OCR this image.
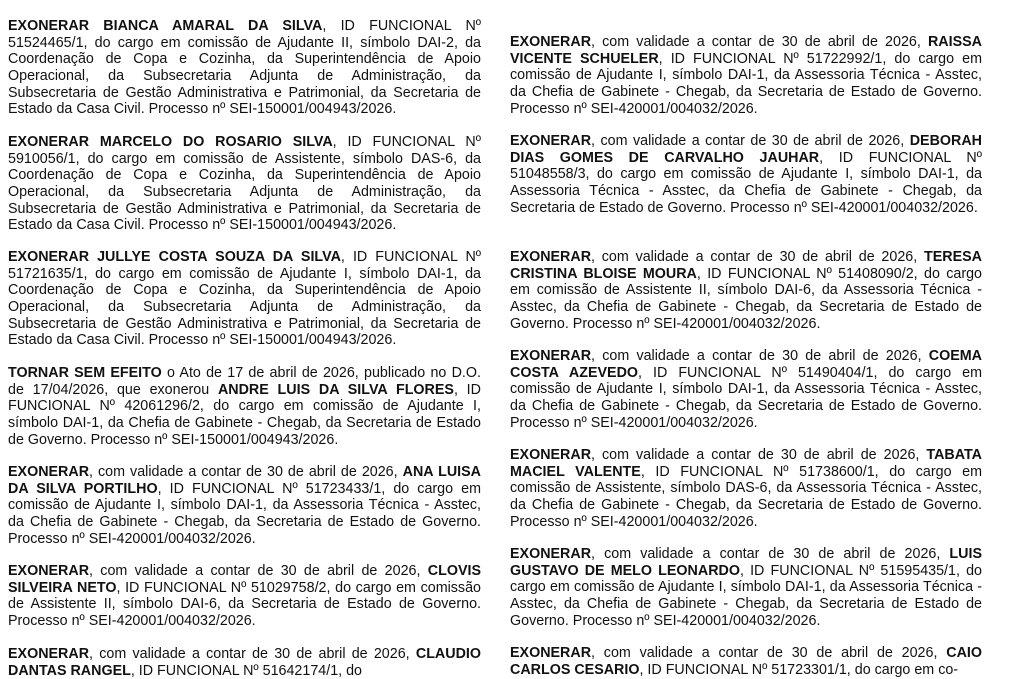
EXONERAR BIANCA AMARAL DA SILVA, ID FUNCIONAL Nº 51524465/1, do cargo em comissão de Ajudante II, símbolo DAI-2, da Coordenação de Copa e Cozinha, da Superintendência de Apoio Operacional, da Subsecretaria Adjunta de Administração, da Subsecretaria de Gestão Administrativa e Patrimonial, da Secretaria de Estado da Casa Civil. Processo nº SEI-150001/004943/2026.

EXONERAR MARCELO DO ROSARIO SILVA, ID FUNCIONAL Nº 5910056/1, do cargo em comissão de Assistente, símbolo DAS-6, da Coordenação de Copa e Cozinha, da Superintendência de Apoio Operacional, da Subsecretaria Adjunta de Administração, da Subsecretaria de Gestão Administrativa e Patrimonial, da Secretaria de Estado da Casa Civil. Processo nº SEI-150001/004943/2026.

EXONERAR JULLYE COSTA SOUZA DA SILVA, ID FUNCIONAL Nº 51721635/1, do cargo em comissão de Ajudante I, símbolo DAI-1, da Coordenação de Copa e Cozinha, da Superintendência de Apoio Operacional, da Subsecretaria Adjunta de Administração, da Subsecretaria de Gestão Administrativa e Patrimonial, da Secretaria de Estado da Casa Civil. Processo nº SEI-150001/004943/2026.

TORNAR SEM EFEITO o Ato de 17 de abril de 2026, publicado no D.O. de 17/04/2026, que exonerou ANDRE LUIS DA SILVA FLORES, ID FUNCIONAL Nº 42061296/2, do cargo em comissão de Ajudante I, símbolo DAI-1, da Chefia de Gabinete - Chegab, da Secretaria de Estado de Governo. Processo nº SEI-150001/004943/2026.

EXONERAR, com validade a contar de 30 de abril de 2026, ANA LUISA DA SILVA PORTILHO, ID FUNCIONAL Nº 51723433/1, do cargo em comissão de Ajudante I, símbolo DAI-1, da Assessoria Técnica - Asstec, da Chefia de Gabinete - Chegab, da Secretaria de Estado de Governo. Processo nº SEI-420001/004032/2026.

EXONERAR, com validade a contar de 30 de abril de 2026, CLOVIS SILVEIRA NETO, ID FUNCIONAL Nº 51029758/2, do cargo em comissão de Assistente II, símbolo DAI-6, da Secretaria de Estado de Governo. Processo nº SEI-420001/004032/2026.

EXONERAR, com validade a contar de 30 de abril de 2026, CLAUDIO DANTAS RANGEL, ID FUNCIONAL Nº 51642174/1, do

EXONERAR, com validade a contar de 30 de abril de 2026, RAISSA VICENTE SCHUELER, ID FUNCIONAL Nº 51722992/1, do cargo em comissão de Ajudante I, símbolo DAI-1, da Assessoria Técnica - Asstec, da Chefia de Gabinete - Chegab, da Secretaria de Estado de Governo. Processo nº SEI-420001/004032/2026.

EXONERAR, com validade a contar de 30 de abril de 2026, DEBORAH DIAS GOMES DE CARVALHO JAUHAR, ID FUNCIONAL Nº 51048558/3, do cargo em comissão de Ajudante I, símbolo DAI-1, da Assessoria Técnica - Asstec, da Chefia de Gabinete - Chegab, da Secretaria de Estado de Governo. Processo nº SEI-420001/004032/2026.

EXONERAR, com validade a contar de 30 de abril de 2026, TERESA CRISTINA BLOISE MOURA, ID FUNCIONAL Nº 51408090/2, do cargo em comissão de Assistente II, símbolo DAI-6, da Assessoria Técnica - Asstec, da Chefia de Gabinete - Chegab, da Secretaria de Estado de Governo. Processo nº SEI-420001/004032/2026.

EXONERAR, com validade a contar de 30 de abril de 2026, COEMA COSTA AZEVEDO, ID FUNCIONAL Nº 51490404/1, do cargo em comissão de Ajudante I, símbolo DAI-1, da Assessoria Técnica - Asstec, da Chefia de Gabinete - Chegab, da Secretaria de Estado de Governo. Processo nº SEI-420001/004032/2026.

EXONERAR, com validade a contar de 30 de abril de 2026, TABATA MACIEL VALENTE, ID FUNCIONAL Nº 51738600/1, do cargo em comissão de Assistente, símbolo DAS-6, da Assessoria Técnica - Asstec, da Chefia de Gabinete - Chegab, da Secretaria de Estado de Governo. Processo nº SEI-420001/004032/2026.

EXONERAR, com validade a contar de 30 de abril de 2026, LUIS GUSTAVO DE MELO LEONARDO, ID FUNCIONAL Nº 51595435/1, do cargo em comissão de Ajudante I, símbolo DAI-1, da Assessoria Técnica - Asstec, da Chefia de Gabinete - Chegab, da Secretaria de Estado de Governo. Processo nº SEI-420001/004032/2026.

EXONERAR, com validade a contar de 30 de abril de 2026, CAIO CARLOS CESARIO, ID FUNCIONAL Nº 51723301/1, do cargo em co-
